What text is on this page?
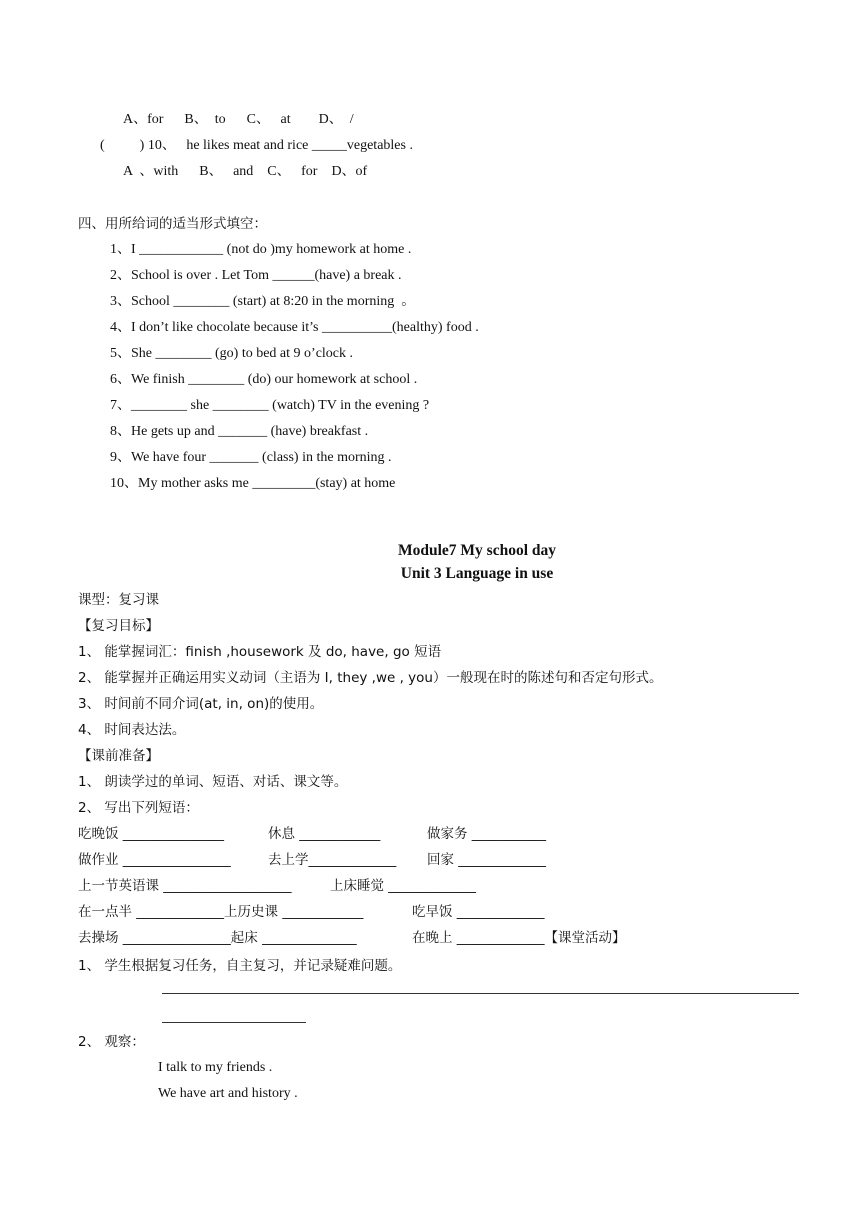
A、for      B、  to      C、   at        D、  /
(          ) 10、   he likes meat and rice _____vegetables .
A  、with      B、   and    C、   for    D、of
四、用所给词的适当形式填空：
1、I ____________ (not do )my homework at home .
2、School is over . Let Tom ______(have) a break .
3、School ________ (start) at 8:20 in the morning  。
4、I don’t like chocolate because it’s __________(healthy) food .
5、She ________ (go) to bed at 9 o’clock .
6、We finish ________ (do) our homework at school .
7、________ she ________ (watch) TV in the evening ?
8、He gets up and _______ (have) breakfast .
9、We have four _______ (class) in the morning .
10、My mother asks me _________(stay) at home
Module7 My school day
Unit 3 Language in use
课型：复习课
【复习目标】
1、 能掌握词汇：finish ,housework 及 do, have, go 短语
2、 能掌握并正确运用实义动词（主语为 I, they ,we , you）一般现在时的陈述句和否定句形式。
3、 时间前不同介词(at, in, on)的使用。
4、 时间表达法。
【课前准备】
1、 朗读学过的单词、短语、对话、课文等。
2、 写出下列短语：
吃晚饭 _______________	休息 ____________	做家务 ___________
做作业 ________________	去上学_____________ 回家 _____________
上一节英语课 ___________________	上床睡觉 _____________
在一点半 _____________上历史课 ____________	吃早饭 _____________
去操场 ________________起床 ______________	在晚上 _____________【课堂活动】
1、 学生根据复习任务，自主复习，并记录疑难问题。
2、 观察：
I talk to my friends .
We have art and history .
